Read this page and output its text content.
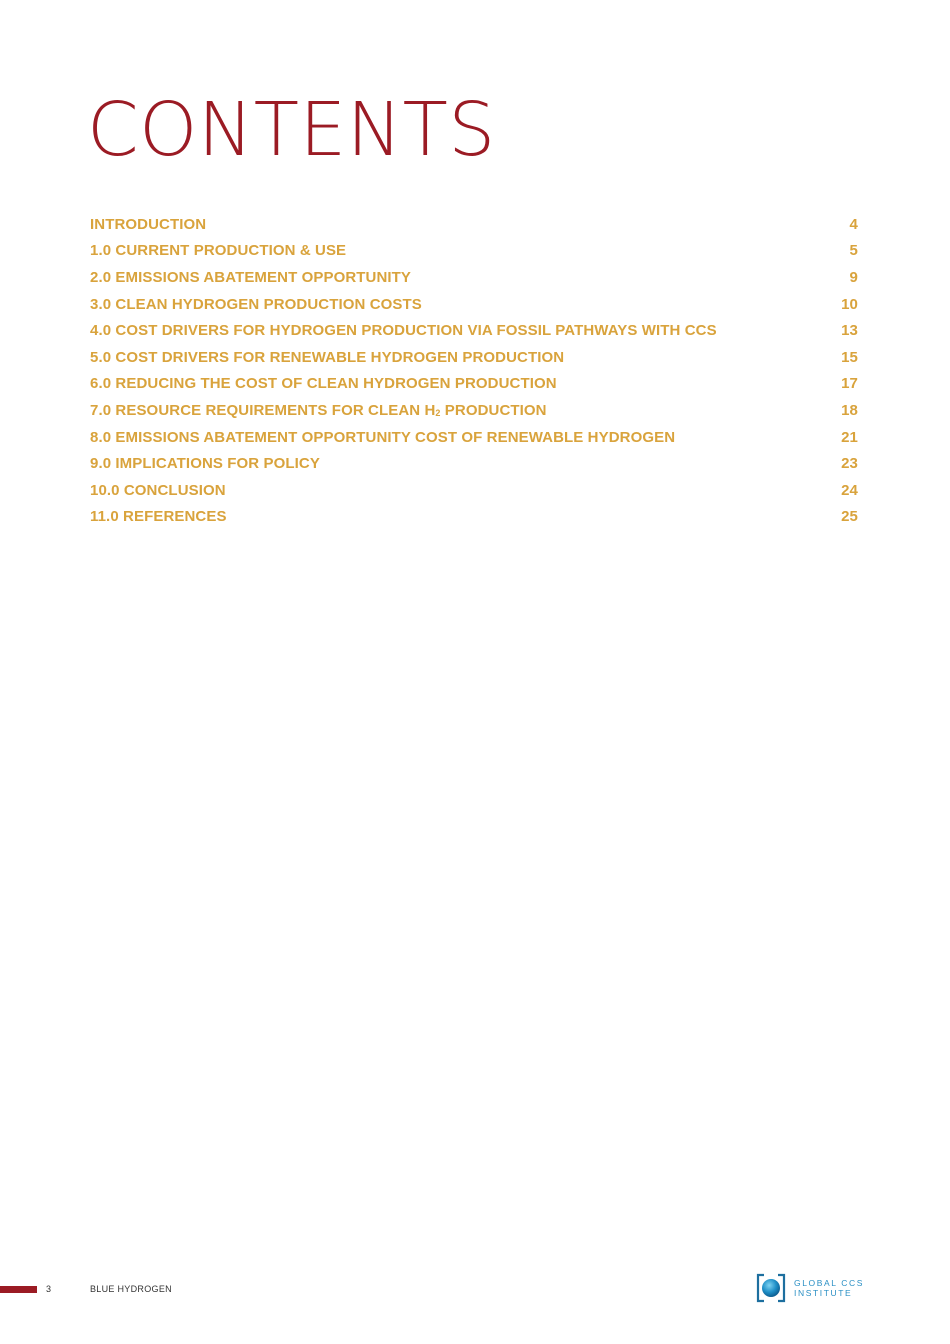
CONTENTS
INTRODUCTION	4
1.0 CURRENT PRODUCTION & USE	5
2.0 EMISSIONS ABATEMENT OPPORTUNITY	9
3.0 CLEAN HYDROGEN PRODUCTION COSTS	10
4.0 COST DRIVERS FOR HYDROGEN PRODUCTION VIA FOSSIL PATHWAYS WITH CCS	13
5.0 COST DRIVERS FOR RENEWABLE HYDROGEN PRODUCTION	15
6.0 REDUCING THE COST OF CLEAN HYDROGEN PRODUCTION	17
7.0 RESOURCE REQUIREMENTS FOR CLEAN $H_2$ PRODUCTION	18
8.0 EMISSIONS ABATEMENT OPPORTUNITY COST OF RENEWABLE HYDROGEN	21
9.0 IMPLICATIONS FOR POLICY	23
10.0 CONCLUSION	24
11.0 REFERENCES	25
3	BLUE HYDROGEN
GLOBAL CCS
INSTITUTE
